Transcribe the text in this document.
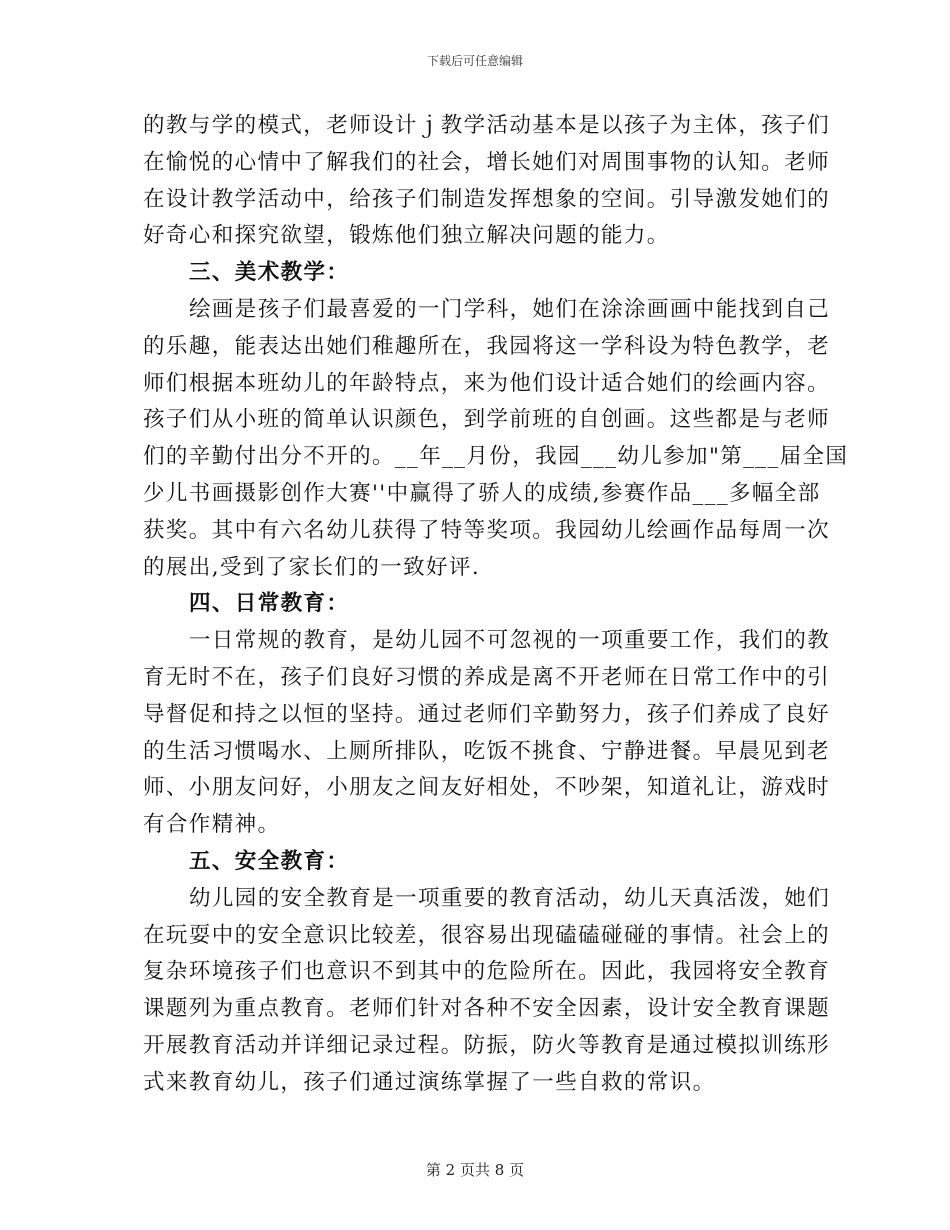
下载后可任意编辑
的教与学的模式，老师设计ｊ教学活动基本是以孩子为主体，孩子们
在愉悦的心情中了解我们的社会，增长她们对周围事物的认知。老师
在设计教学活动中，给孩子们制造发挥想象的空间。引导激发她们的
好奇心和探究欲望，锻炼他们独立解决问题的能力。
三、美术教学：
绘画是孩子们最喜爱的一门学科，她们在涂涂画画中能找到自己
的乐趣，能表达出她们稚趣所在，我园将这一学科设为特色教学，老
师们根据本班幼儿的年龄特点，来为他们设计适合她们的绘画内容。
孩子们从小班的简单认识颜色，到学前班的自创画。这些都是与老师
们的辛勤付出分不开的。__年__月份，我园___幼儿参加"第___届全国
少儿书画摄影创作大赛''中赢得了骄人的成绩,参赛作品___多幅全部
获奖。其中有六名幼儿获得了特等奖项。我园幼儿绘画作品每周一次
的展出,受到了家长们的一致好评.
四、日常教育：
一日常规的教育，是幼儿园不可忽视的一项重要工作，我们的教
育无时不在，孩子们良好习惯的养成是离不开老师在日常工作中的引
导督促和持之以恒的坚持。通过老师们辛勤努力，孩子们养成了良好
的生活习惯喝水、上厕所排队，吃饭不挑食、宁静进餐。早晨见到老
师、小朋友问好，小朋友之间友好相处，不吵架，知道礼让，游戏时
有合作精神。
五、安全教育：
幼儿园的安全教育是一项重要的教育活动，幼儿天真活泼，她们
在玩耍中的安全意识比较差，很容易出现磕磕碰碰的事情。社会上的
复杂环境孩子们也意识不到其中的危险所在。因此，我园将安全教育
课题列为重点教育。老师们针对各种不安全因素，设计安全教育课题
开展教育活动并详细记录过程。防振，防火等教育是通过模拟训练形
式来教育幼儿，孩子们通过演练掌握了一些自救的常识。
第 2 页共 8 页
